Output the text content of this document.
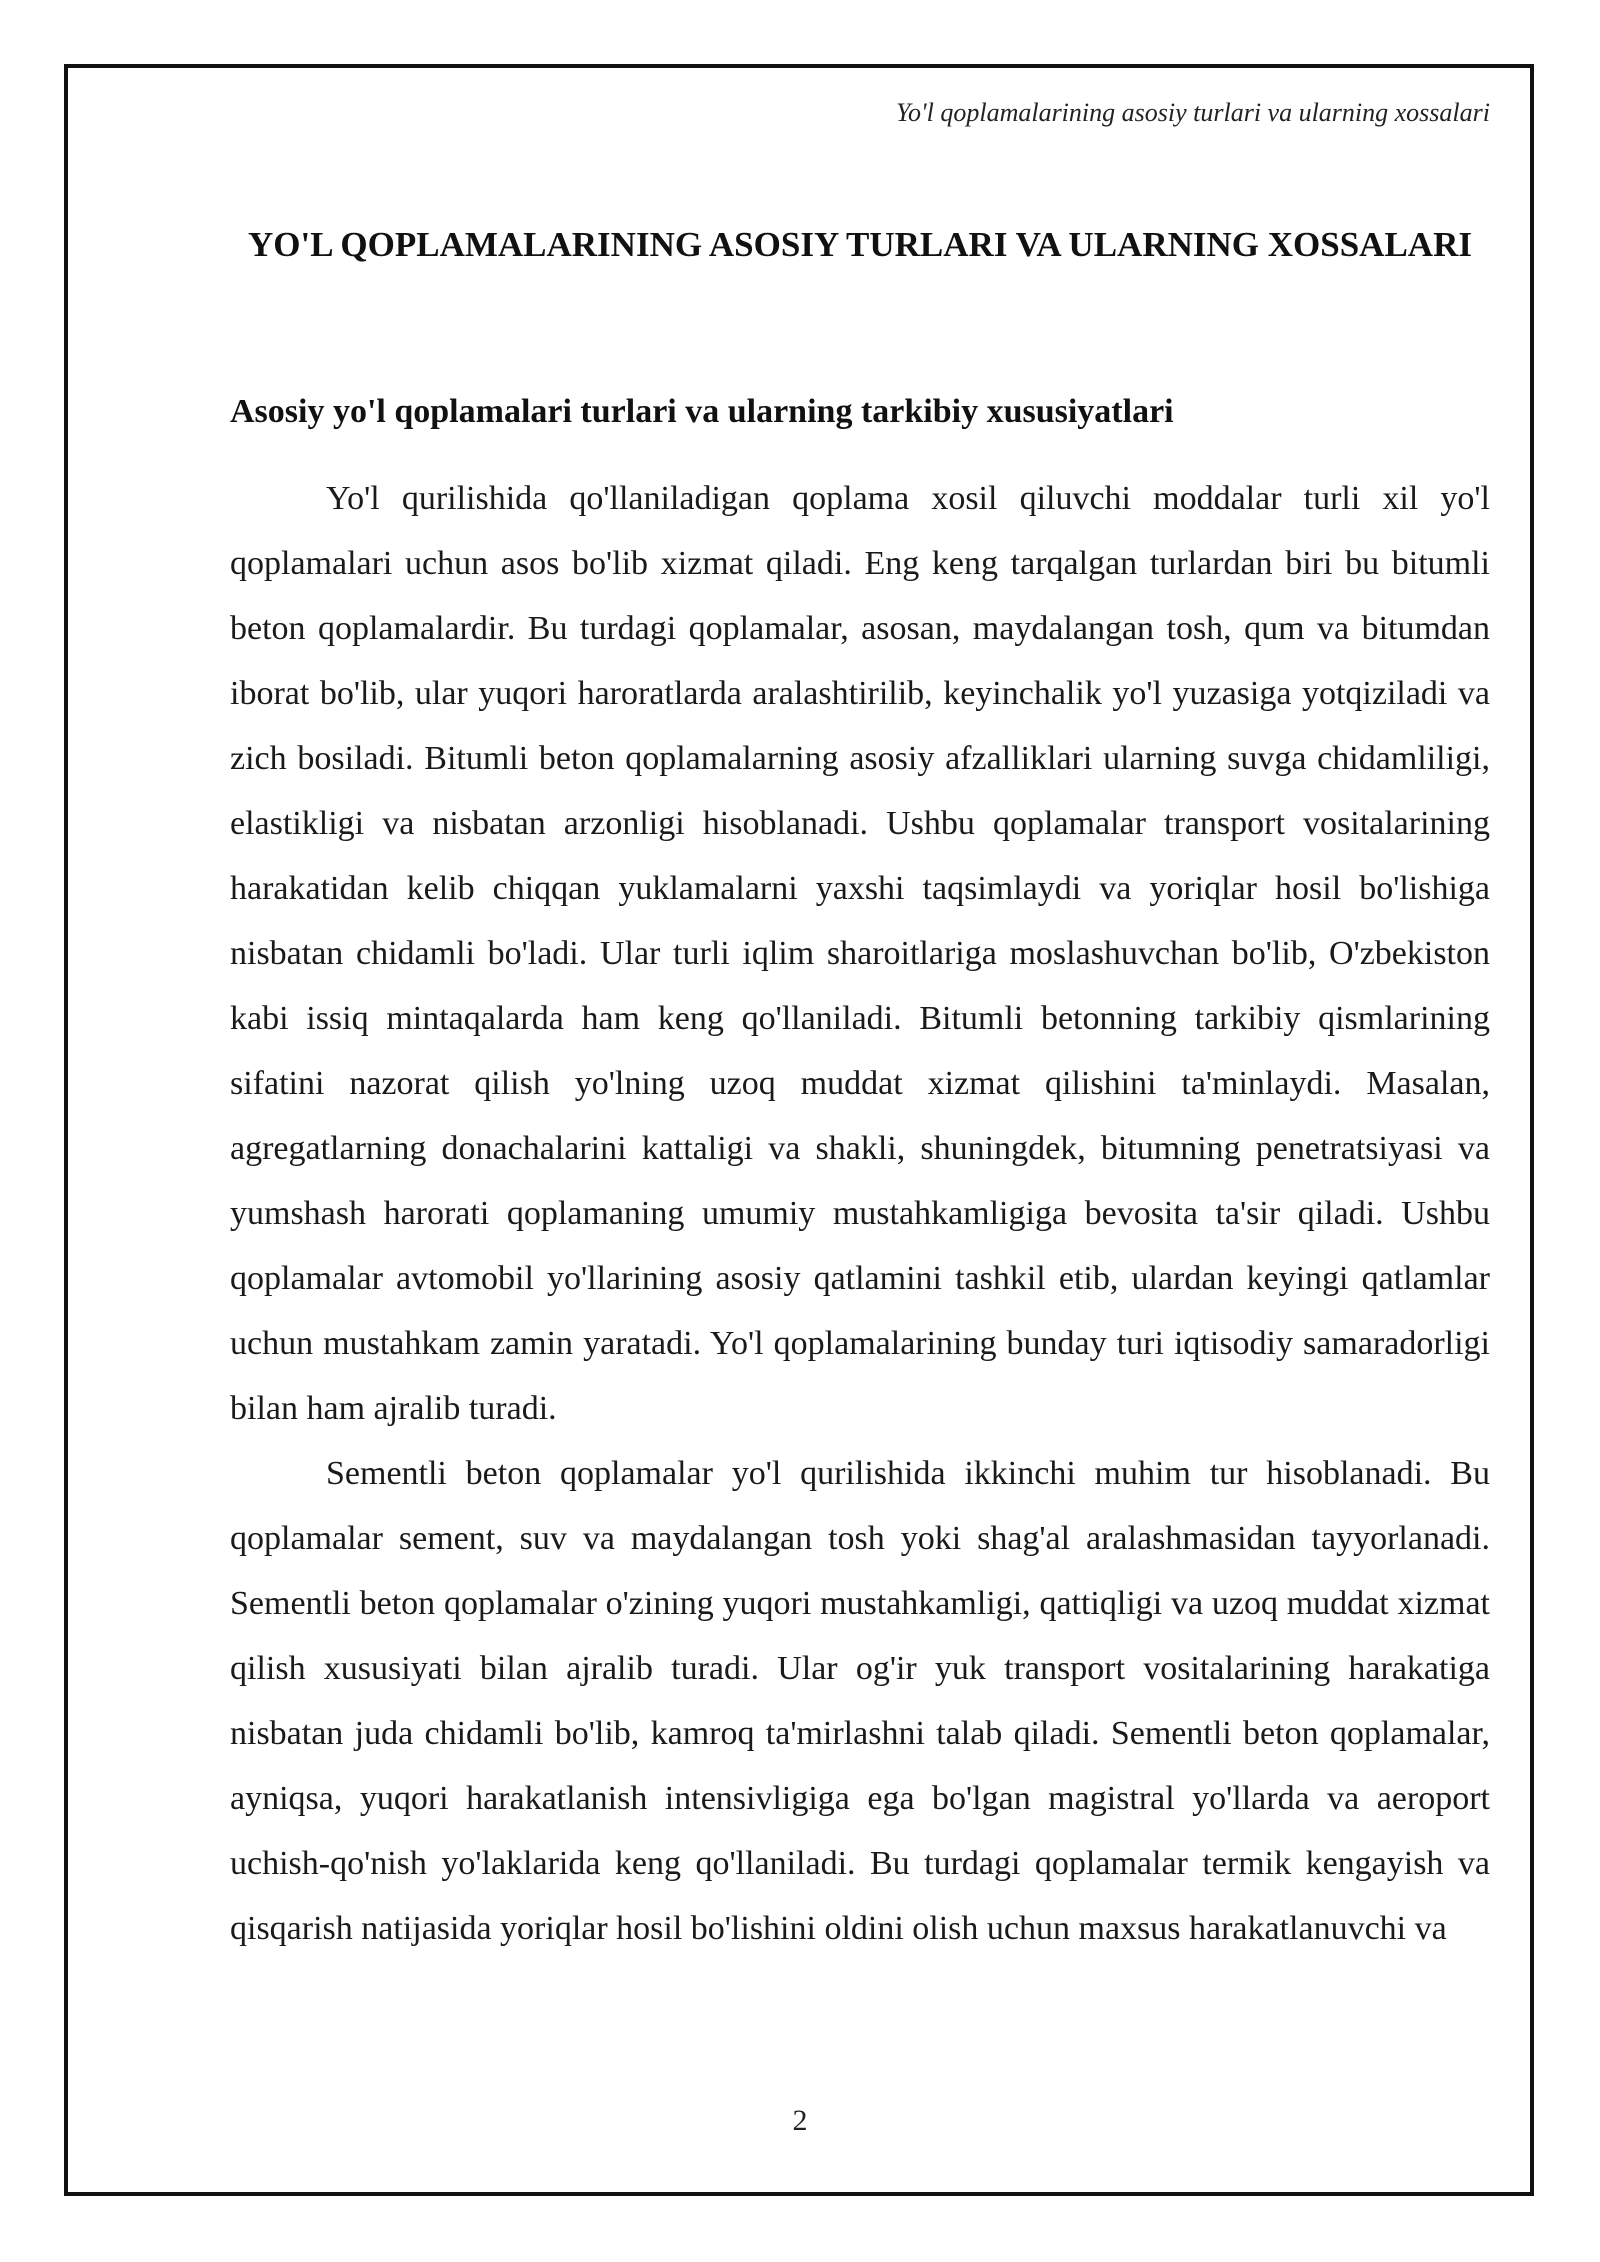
Yo'l qoplamalarining asosiy turlari va ularning xossalari
YO'L QOPLAMALARINING ASOSIY TURLARI VA ULARNING XOSSALARI
Asosiy yo'l qoplamalari turlari va ularning tarkibiy xususiyatlari

Yo'l qurilishida qo'llaniladigan qoplama xosil qiluvchi moddalar turli xil yo'l qoplamalari uchun asos bo'lib xizmat qiladi. Eng keng tarqalgan turlardan biri bu bitumli beton qoplamalardir. Bu turdagi qoplamalar, asosan, maydalangan tosh, qum va bitumdan iborat bo'lib, ular yuqori haroratlarda aralashtirilib, keyinchalik yo'l yuzasiga yotqiziladi va zich bosiladi. Bitumli beton qoplamalarning asosiy afzalliklari ularning suvga chidamliligi, elastikligi va nisbatan arzonligi hisoblanadi. Ushbu qoplamalar transport vositalarining harakatidan kelib chiqqan yuklamalarni yaxshi taqsimlaydi va yoriqlar hosil bo'lishiga nisbatan chidamli bo'ladi. Ular turli iqlim sharoitlariga moslashuvchan bo'lib, O'zbekiston kabi issiq mintaqalarda ham keng qo'llaniladi. Bitumli betonning tarkibiy qismlarining sifatini nazorat qilish yo'lning uzoq muddat xizmat qilishini ta'minlaydi. Masalan, agregatlarning donachalarini kattaligi va shakli, shuningdek, bitumning penetratsiyasi va yumshash harorati qoplamaning umumiy mustahkamligiga bevosita ta'sir qiladi. Ushbu qoplamalar avtomobil yo'llarining asosiy qatlamini tashkil etib, ulardan keyingi qatlamlar uchun mustahkam zamin yaratadi. Yo'l qoplamalarining bunday turi iqtisodiy samaradorligi bilan ham ajralib turadi.

Sementli beton qoplamalar yo'l qurilishida ikkinchi muhim tur hisoblanadi. Bu qoplamalar sement, suv va maydalangan tosh yoki shag'al aralashmasidan tayyorlanadi. Sementli beton qoplamalar o'zining yuqori mustahkamligi, qattiqligi va uzoq muddat xizmat qilish xususiyati bilan ajralib turadi. Ular og'ir yuk transport vositalarining harakatiga nisbatan juda chidamli bo'lib, kamroq ta'mirlashni talab qiladi. Sementli beton qoplamalar, ayniqsa, yuqori harakatlanish intensivligiga ega bo'lgan magistral yo'llarda va aeroport uchish-qo'nish yo'laklarida keng qo'llaniladi. Bu turdagi qoplamalar termik kengayish va qisqarish natijasida yoriqlar hosil bo'lishini oldini olish uchun maxsus harakatlanuvchi va

2
